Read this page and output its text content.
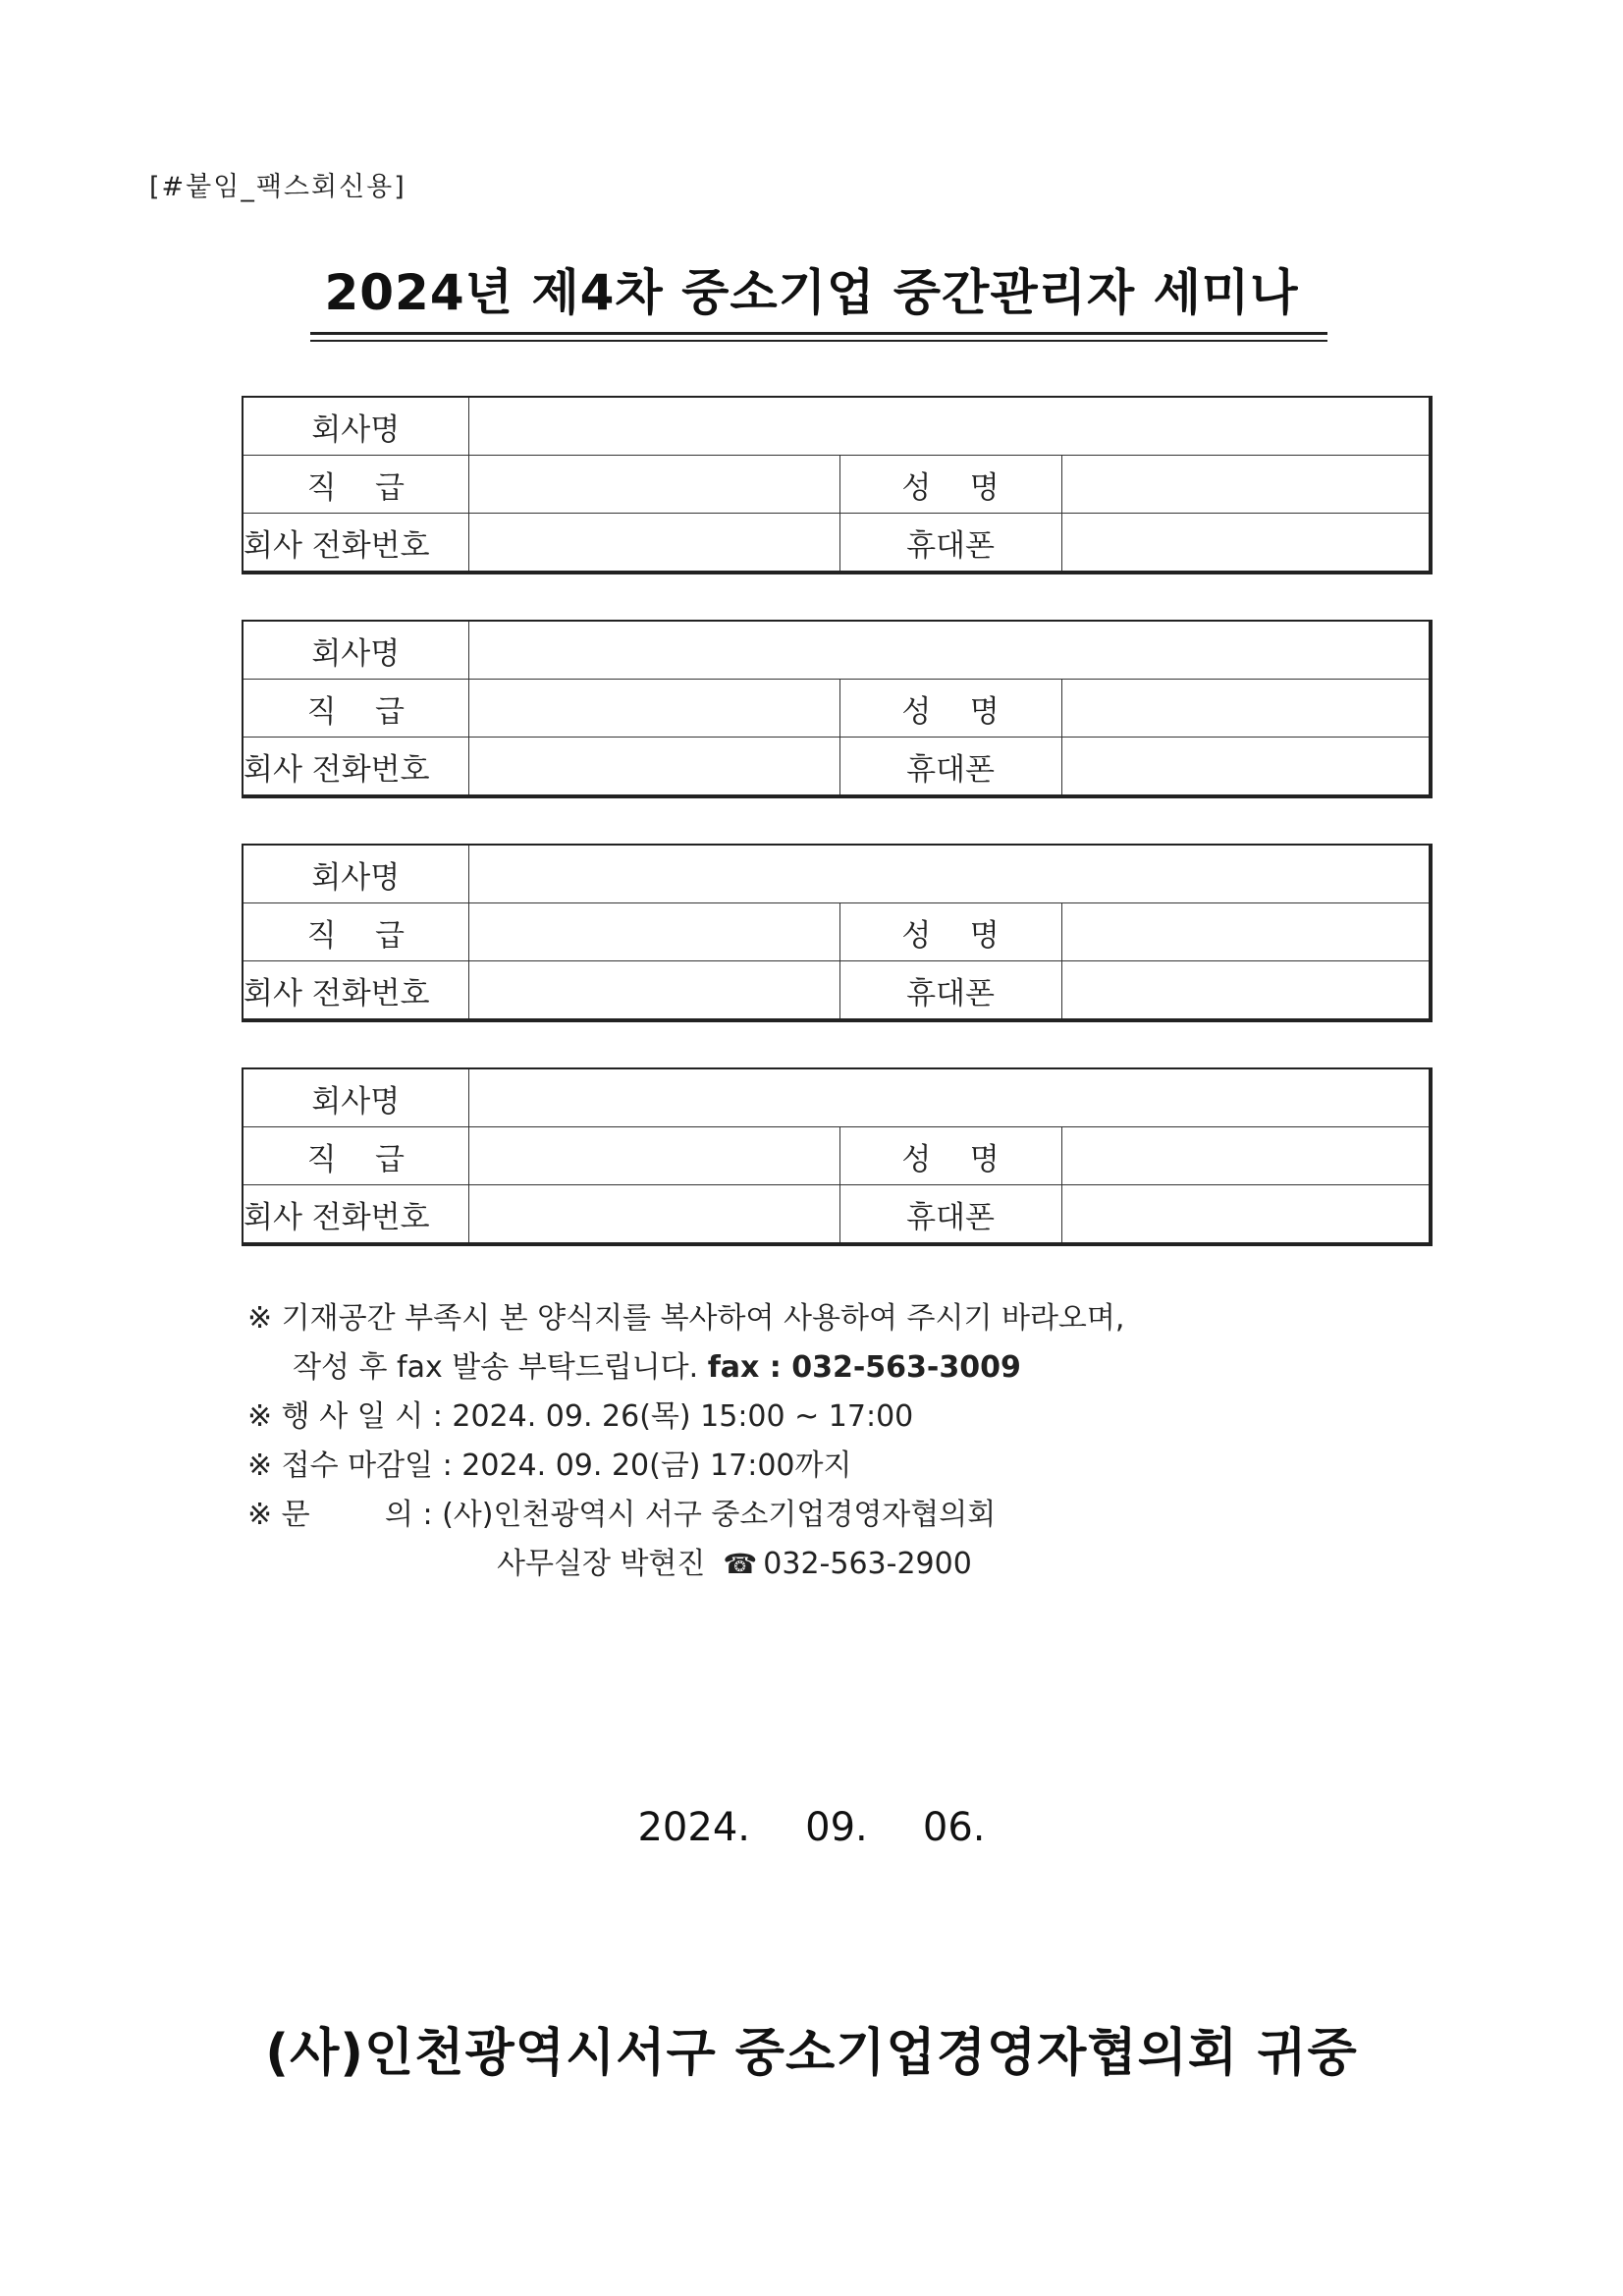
[#붙임_팩스회신용]
2024년 제4차 중소기업 중간관리자 세미나
회사명			
직    급		성    명	
회사 전화번호		휴대폰	
회사명			
직    급		성    명	
회사 전화번호		휴대폰	
회사명			
직    급		성    명	
회사 전화번호		휴대폰	
회사명			
직    급		성    명	
회사 전화번호		휴대폰	
※ 기재공간 부족시 본 양식지를 복사하여 사용하여 주시기 바라오며,
작성 후 fax 발송 부탁드립니다. fax : 032-563-3009
※ 행 사 일 시 : 2024. 09. 26(목) 15:00 ~ 17:00
※ 접수 마감일 : 2024. 09. 20(금) 17:00까지
※ 문        의 : (사)인천광역시 서구 중소기업경영자협의회
사무실장 박현진 ☎ 032-563-2900
2024.   09.   06.
(사)인천광역시서구 중소기업경영자협의회 귀중
